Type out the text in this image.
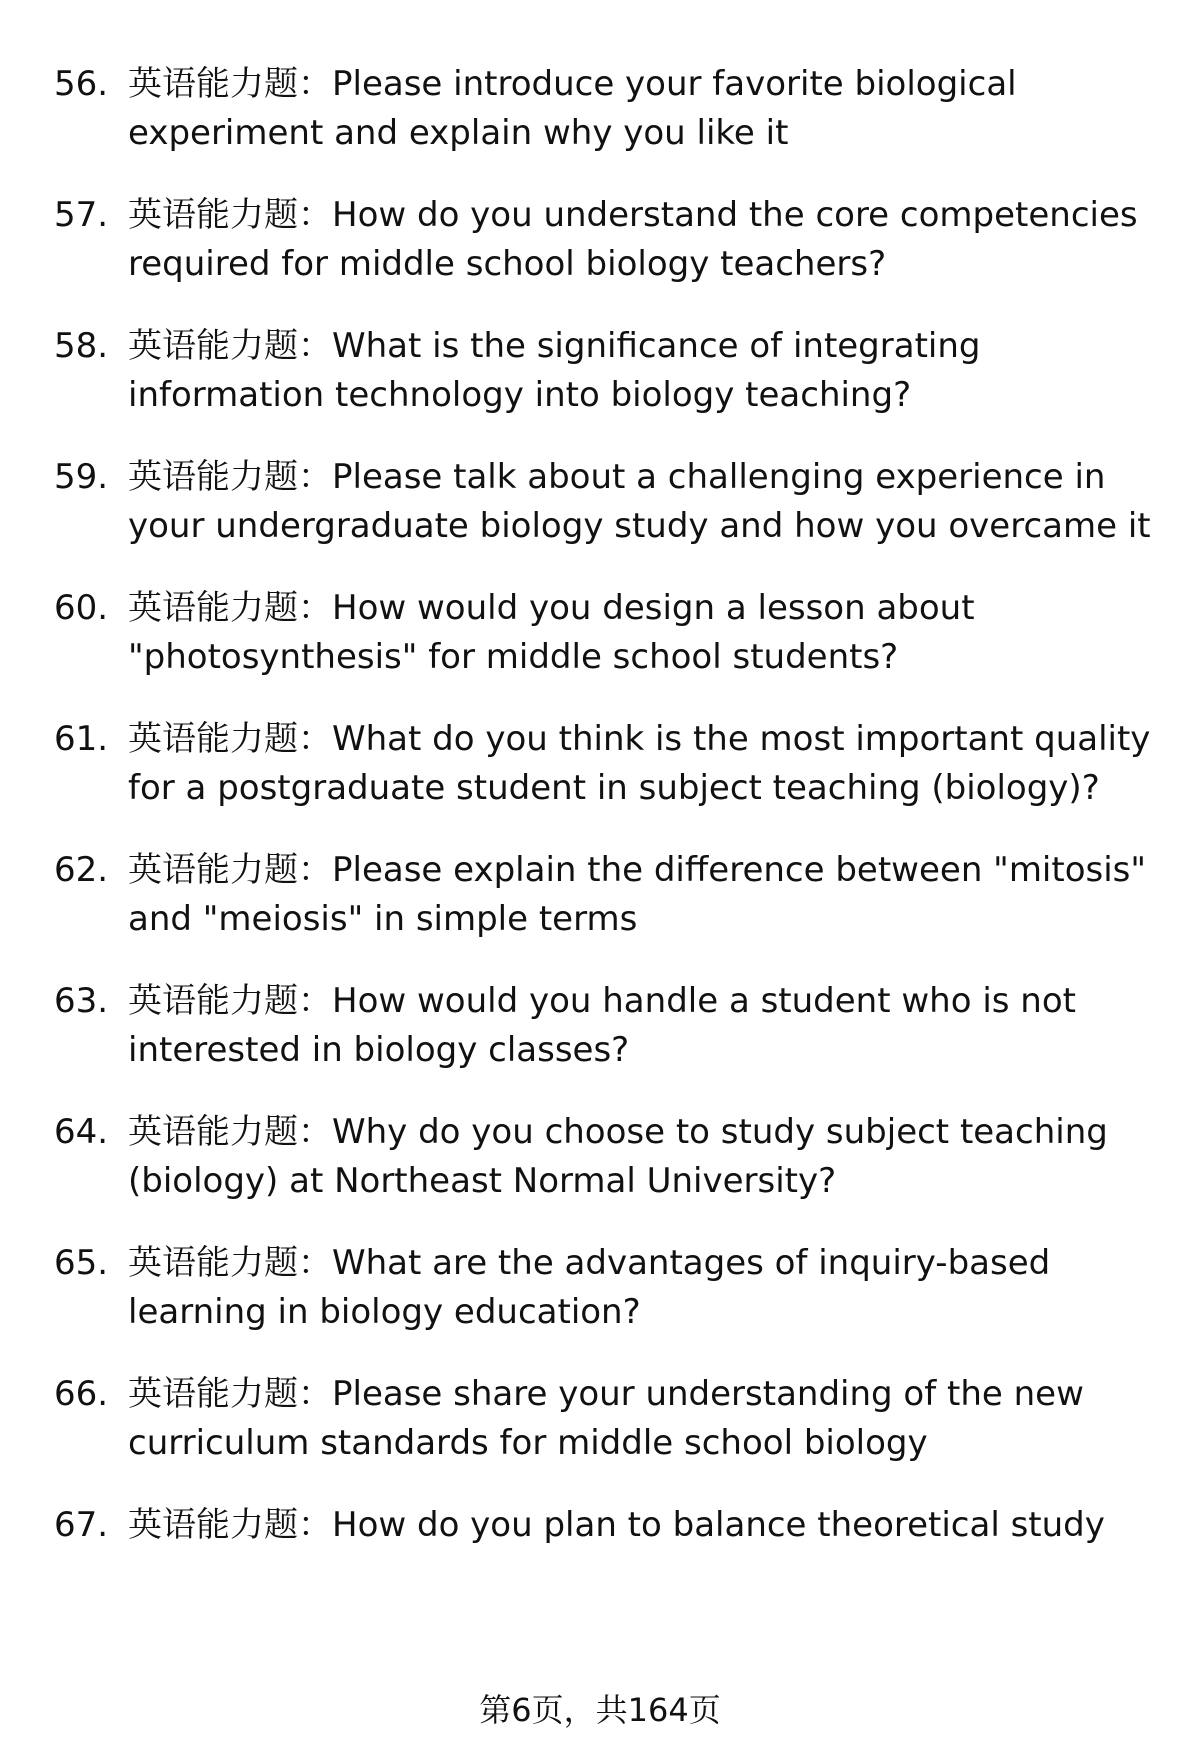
56. 英语能力题：Please introduce your favorite biological experiment and explain why you like it
57. 英语能力题：How do you understand the core competencies required for middle school biology teachers?
58. 英语能力题：What is the significance of integrating information technology into biology teaching?
59. 英语能力题：Please talk about a challenging experience in your undergraduate biology study and how you overcame it
60. 英语能力题：How would you design a lesson about "photosynthesis" for middle school students?
61. 英语能力题：What do you think is the most important quality for a postgraduate student in subject teaching (biology)?
62. 英语能力题：Please explain the difference between "mitosis" and "meiosis" in simple terms
63. 英语能力题：How would you handle a student who is not interested in biology classes?
64. 英语能力题：Why do you choose to study subject teaching (biology) at Northeast Normal University?
65. 英语能力题：What are the advantages of inquiry-based learning in biology education?
66. 英语能力题：Please share your understanding of the new curriculum standards for middle school biology
67. 英语能力题：How do you plan to balance theoretical study
第6页，共164页
